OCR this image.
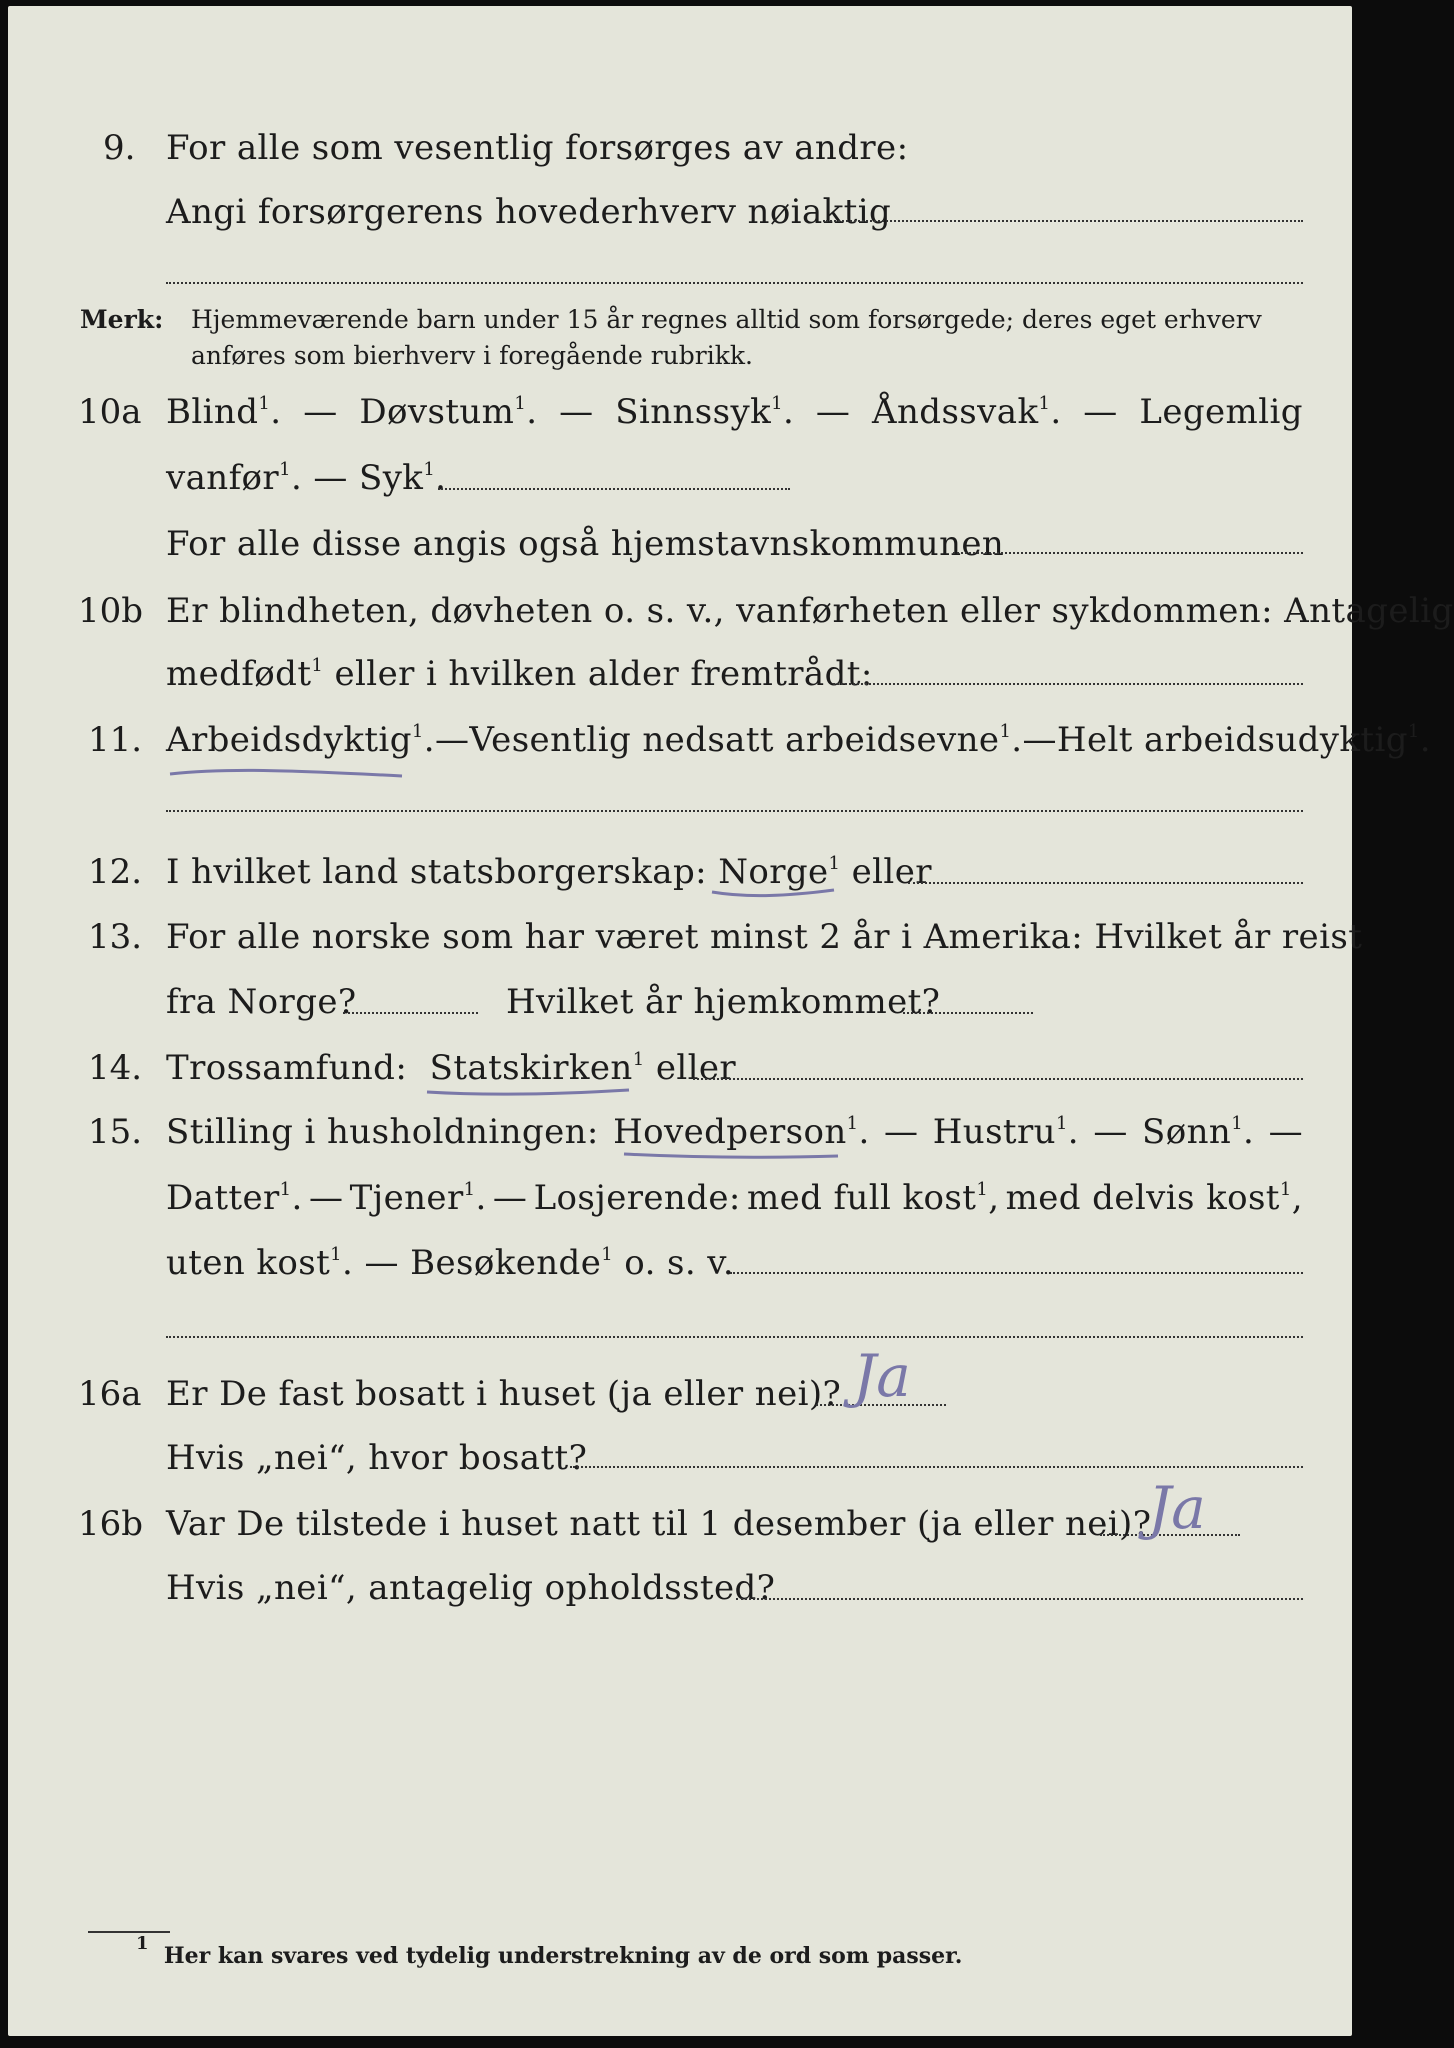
9. For alle som vesentlig forsørges av andre:
Angi forsørgerens hovederhverv nøiaktig
Merk: Hjemmeværende barn under 15 år regnes alltid som forsørgede; deres eget erhverv
anføres som bierhverv i foregående rubrikk.
10a Blind$^1$. — Døvstum$^1$. — Sinnssyk$^1$. — Åndssvak$^1$. — Legemlig
vanfør$^1$. — Syk$^1$.
For alle disse angis også hjemstavnskommunen
10b Er blindheten, døvheten o. s. v., vanførheten eller sykdommen: Antagelig
medfødt$^1$ eller i hvilken alder fremtrådt:
11. Arbeidsdyktig$^1$. — Vesentlig nedsatt arbeidsevne$^1$. — Helt arbeidsudyktig$^1$.
12. I hvilket land statsborgerskap: Norge$^1$ eller
13. For alle norske som har været minst 2 år i Amerika: Hvilket år reist
fra Norge?	Hvilket år hjemkommet?
14. Trossamfund: Statskirken$^1$ eller
15. Stilling i husholdningen: Hovedperson$^1$. — Hustru$^1$. — Sønn$^1$. —
Datter$^1$. — Tjener$^1$. — Losjerende: med full kost$^1$, med delvis kost$^1$,
uten kost$^1$. — Besøkende$^1$ o. s. v.
16a Er De fast bosatt i huset (ja eller nei)? Ja
Hvis „nei“, hvor bosatt?
16b Var De tilstede i huset natt til 1 desember (ja eller nei)?
Ja
Hvis „nei“, antagelig opholdssted?
$^1$ Her kan svares ved tydelig understrekning av de ord som passer.
